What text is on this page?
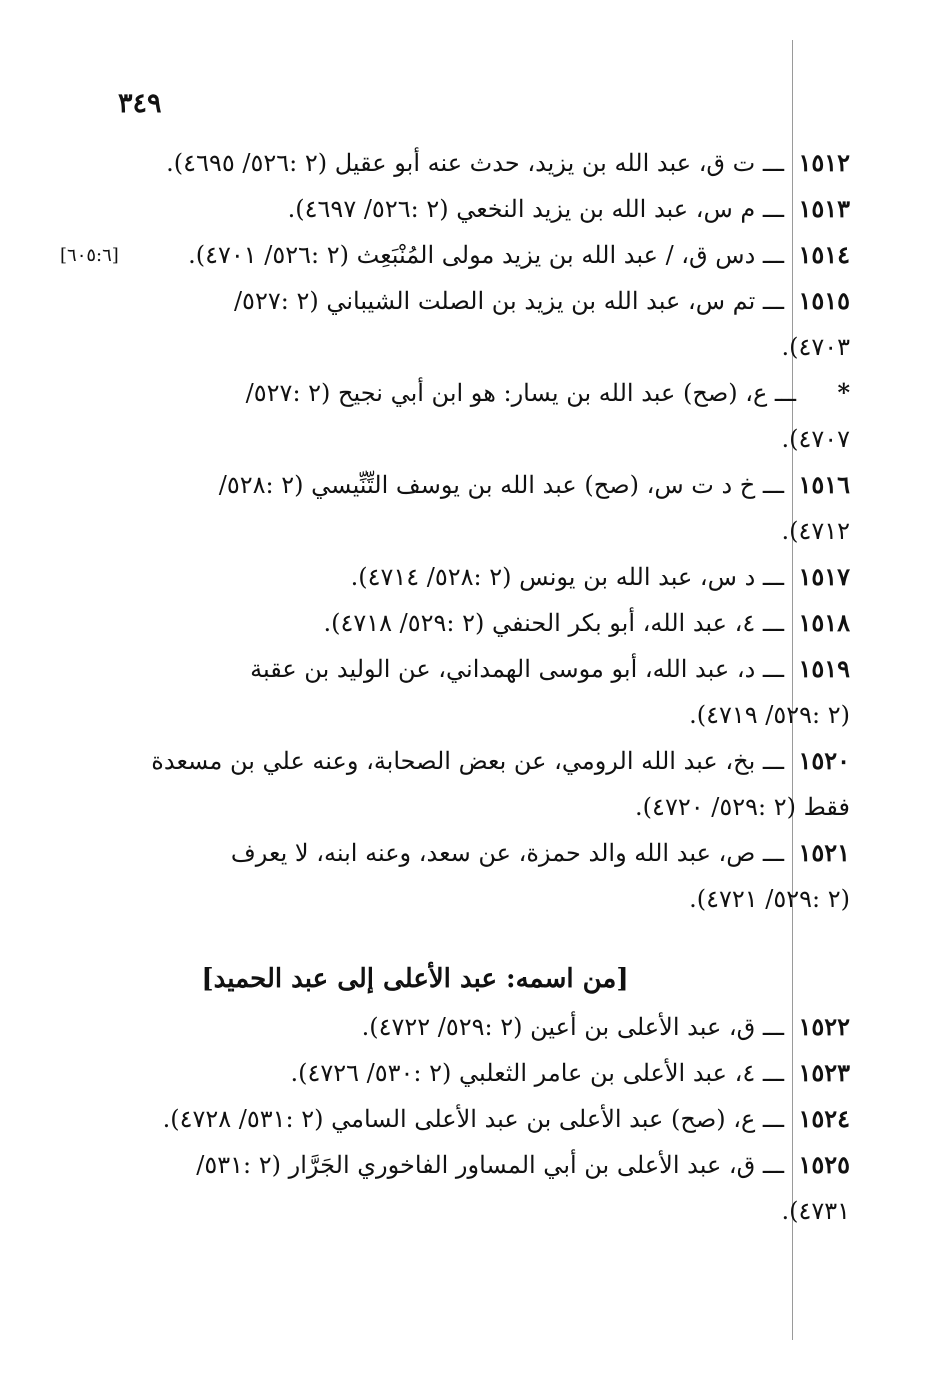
٣٤٩
[٦٠٥:٦]
١٥١٢ـــ ت ق، عبد الله بن يزيد، حدث عنه أبو عقيل (٢ :٥٢٦/ ٤٦٩٥).
١٥١٣ـــ م س، عبد الله بن يزيد النخعي (٢ :٥٢٦/ ٤٦٩٧).
١٥١٤ـــ دس ق، / عبد الله بن يزيد مولى المُنْبَعِث (٢ :٥٢٦/ ٤٧٠١).
١٥١٥ـــ تم س، عبد الله بن يزيد بن الصلت الشيباني (٢ :٥٢٧/
٤٧٠٣).
*ـــ ع، (صح) عبد الله بن يسار: هو ابن أبي نجيح (٢ :٥٢٧/
٤٧٠٧).
١٥١٦ـــ خ د ت س، (صح) عبد الله بن يوسف التِّنِّيسي (٢ :٥٢٨/
٤٧١٢).
١٥١٧ـــ د س، عبد الله بن يونس (٢ :٥٢٨/ ٤٧١٤).
١٥١٨ـــ ٤، عبد الله، أبو بكر الحنفي (٢ :٥٢٩/ ٤٧١٨).
١٥١٩ـــ د، عبد الله، أبو موسى الهمداني، عن الوليد بن عقبة
(٢ :٥٢٩/ ٤٧١٩).
١٥٢٠ـــ بخ، عبد الله الرومي، عن بعض الصحابة، وعنه علي بن مسعدة
فقط (٢ :٥٢٩/ ٤٧٢٠).
١٥٢١ـــ ص، عبد الله والد حمزة، عن سعد، وعنه ابنه، لا يعرف
(٢ :٥٢٩/ ٤٧٢١).
[من اسمه: عبد الأعلى إلى عبد الحميد]
١٥٢٢ـــ ق، عبد الأعلى بن أعين (٢ :٥٢٩/ ٤٧٢٢).
١٥٢٣ـــ ٤، عبد الأعلى بن عامر الثعلبي (٢ :٥٣٠/ ٤٧٢٦).
١٥٢٤ـــ ع، (صح) عبد الأعلى بن عبد الأعلى السامي (٢ :٥٣١/ ٤٧٢٨).
١٥٢٥ـــ ق، عبد الأعلى بن أبي المساور الفاخوري الجَرَّار (٢ :٥٣١/
٤٧٣١).
